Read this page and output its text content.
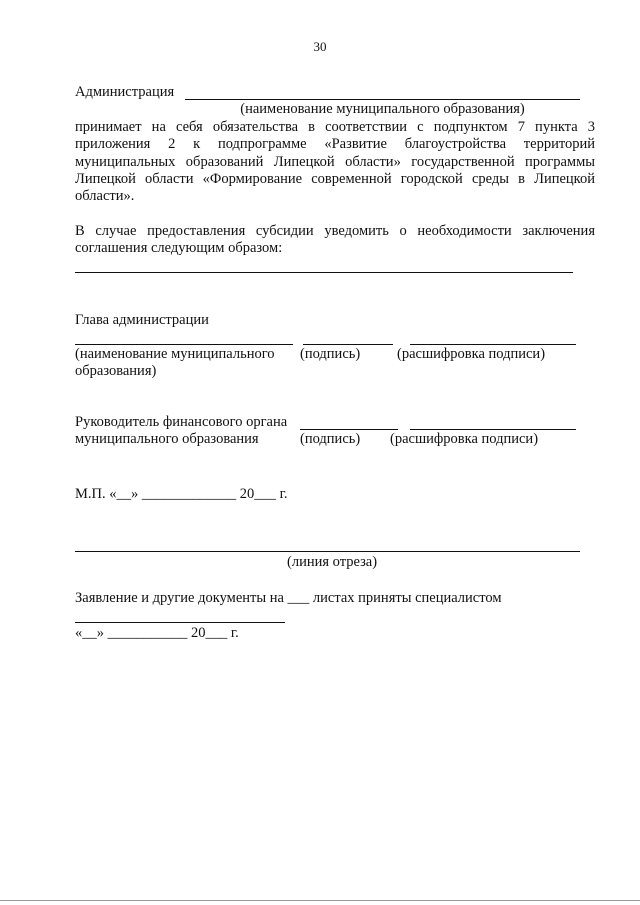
30
Администрация
(наименование муниципального образования)
принимает на себя обязательства в соответствии с подпунктом 7 пункта 3 приложения 2 к подпрограмме «Развитие благоустройства территорий муниципальных образований Липецкой области» государственной программы Липецкой области «Формирование современной городской среды в Липецкой области».
В случае предоставления субсидии уведомить о необходимости заключения соглашения следующим образом:
Глава администрации
(наименование муниципального
образования)
(подпись)	(расшифровка подписи)
Руководитель финансового органа
муниципального образования	(подпись) (расшифровка подписи)
М.П. «__» _____________ 20___ г.
(линия отреза)
Заявление и другие документы на ___ листах приняты специалистом
«__» ___________ 20___ г.
